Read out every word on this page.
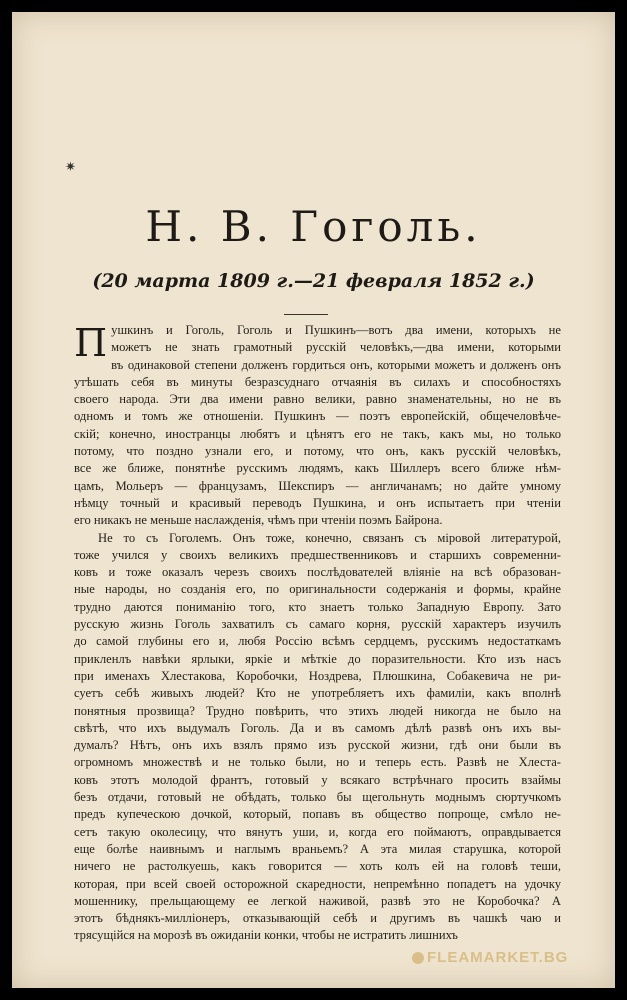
✷
Н. В. Гоголь.
(20 марта 1809 г.—21 февраля 1852 г.)
П ушкинъ и Гоголь, Гоголь и Пушкинъ—вотъ два имени, которыхъ не
можетъ не знать грамотный русскій человѣкъ,—два имени, которыми
въ одинаковой степени долженъ гордиться онъ, которыми можетъ и долженъ онъ
утѣшать себя въ минуты безразсуднаго отчаянія въ силахъ и способностяхъ
своего народа. Эти два имени равно велики, равно знаменательны, но не въ
одномъ и томъ же отношеніи. Пушкинъ — поэтъ европейскій, общечеловѣче-
скій; конечно, иностранцы любятъ и цѣнятъ его не такъ, какъ мы, но только
потому, что поздно узнали его, и потому, что онъ, какъ русскій человѣкъ,
все же ближе, понятнѣе русскимъ людямъ, какъ Шиллеръ всего ближе нѣм-
цамъ, Мольеръ — французамъ, Шекспиръ — англичанамъ; но дайте умному
нѣмцу точный и красивый переводъ Пушкина, и онъ испытаетъ при чтеніи
его никакъ не меньше наслажденія, чѣмъ при чтеніи поэмъ Байрона.
Не то съ Гоголемъ. Онъ тоже, конечно, связанъ съ міровой литературой,
тоже учился у своихъ великихъ предшественниковъ и старшихъ современни-
ковъ и тоже оказалъ черезъ своихъ послѣдователей вліяніе на всѣ образован-
ные народы, но созданія его, по оригинальности содержанія и формы, крайне
трудно даются пониманію того, кто знаетъ только Западную Европу. Зато
русскую жизнь Гоголь захватилъ съ самаго корня, русскій характеръ изучилъ
до самой глубины его и, любя Россію всѣмъ сердцемъ, русскимъ недостаткамъ
прикленлъ навѣки ярлыки, яркіе и мѣткіе до поразительности. Кто изъ насъ
при именахъ Хлестакова, Коробочки, Ноздрева, Плюшкина, Собакевича не ри-
суетъ себѣ живыхъ людей? Кто не употребляетъ ихъ фамиліи, какъ вполнѣ
понятныя прозвища? Трудно повѣрить, что этихъ людей никогда не было на
свѣтѣ, что ихъ выдумалъ Гоголь. Да и въ самомъ дѣлѣ развѣ онъ ихъ вы-
думалъ? Нѣтъ, онъ ихъ взялъ прямо изъ русской жизни, гдѣ они были въ
огромномъ множествѣ и не только были, но и теперь есть. Развѣ не Хлеста-
ковъ этотъ молодой франтъ, готовый у всякаго встрѣчнаго просить взаймы
безъ отдачи, готовый не обѣдать, только бы щегольнуть моднымъ сюртучкомъ
предъ купеческою дочкой, который, попавъ въ общество попроще, смѣло не-
сетъ такую околесицу, что вянутъ уши, и, когда его поймаютъ, оправдывается
еще болѣе наивнымъ и наглымъ враньемъ? А эта милая старушка, которой
ничего не растолкуешь, какъ говорится — хоть колъ ей на головѣ теши,
которая, при всей своей осторожной скаредности, непремѣнно попадетъ на удочку
мошеннику, прельщающему ее легкой наживой, развѣ это не Коробочка? А
этотъ бѣднякъ-милліонеръ, отказывающій себѣ и другимъ въ чашкѣ чаю и
трясущійся на морозѣ въ ожиданіи конки, чтобы не истратить лишнихъ
FLEAMARKET.BG
